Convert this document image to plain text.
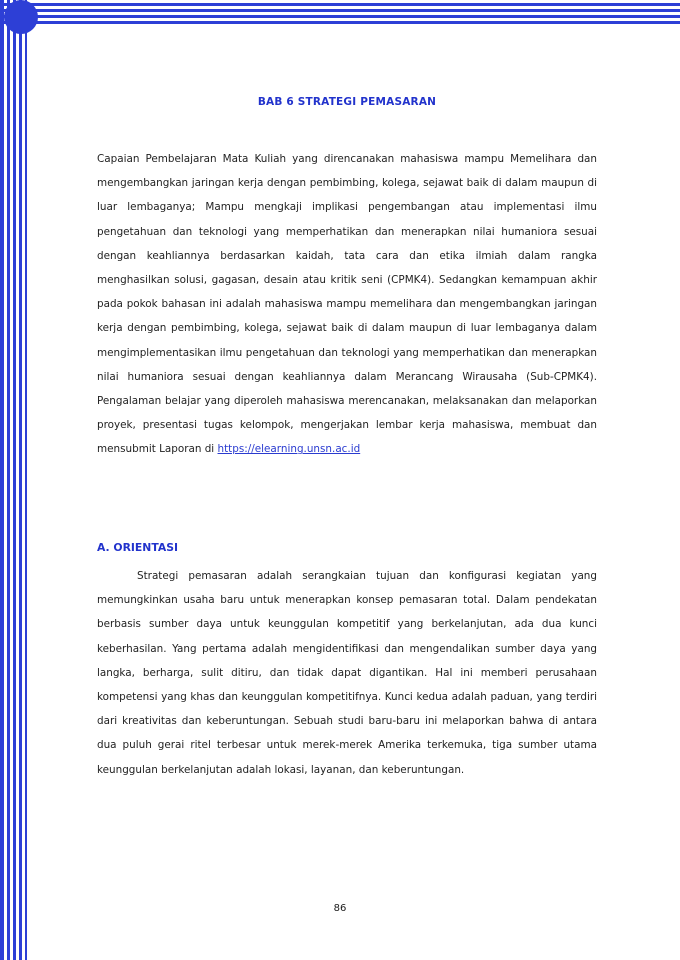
BAB 6 STRATEGI PEMASARAN

Capaian Pembelajaran Mata Kuliah yang direncanakan mahasiswa mampu Memelihara dan mengembangkan jaringan kerja dengan pembimbing, kolega, sejawat baik di dalam maupun di luar lembaganya; Mampu mengkaji implikasi pengembangan atau implementasi ilmu pengetahuan dan teknologi yang memperhatikan dan menerapkan nilai humaniora sesuai dengan keahliannya berdasarkan kaidah, tata cara dan etika ilmiah dalam rangka menghasilkan solusi, gagasan, desain atau kritik seni (CPMK4). Sedangkan kemampuan akhir pada pokok bahasan ini adalah mahasiswa mampu memelihara dan mengembangkan jaringan kerja dengan pembimbing, kolega, sejawat baik di dalam maupun di luar lembaganya dalam mengimplementasikan ilmu pengetahuan dan teknologi yang memperhatikan dan menerapkan nilai humaniora sesuai dengan keahliannya dalam Merancang Wirausaha (Sub-CPMK4). Pengalaman belajar yang diperoleh mahasiswa merencanakan, melaksanakan dan melaporkan proyek, presentasi tugas kelompok, mengerjakan lembar kerja mahasiswa, membuat dan mensubmit Laporan di https://elearning.unsn.ac.id

A. ORIENTASI

Strategi pemasaran adalah serangkaian tujuan dan konfigurasi kegiatan yang memungkinkan usaha baru untuk menerapkan konsep pemasaran total. Dalam pendekatan berbasis sumber daya untuk keunggulan kompetitif yang berkelanjutan, ada dua kunci keberhasilan. Yang pertama adalah mengidentifikasi dan mengendalikan sumber daya yang langka, berharga, sulit ditiru, dan tidak dapat digantikan. Hal ini memberi perusahaan kompetensi yang khas dan keunggulan kompetitifnya. Kunci kedua adalah paduan, yang terdiri dari kreativitas dan keberuntungan. Sebuah studi baru-baru ini melaporkan bahwa di antara dua puluh gerai ritel terbesar untuk merek-merek Amerika terkemuka, tiga sumber utama keunggulan berkelanjutan adalah lokasi, layanan, dan keberuntungan.

86
